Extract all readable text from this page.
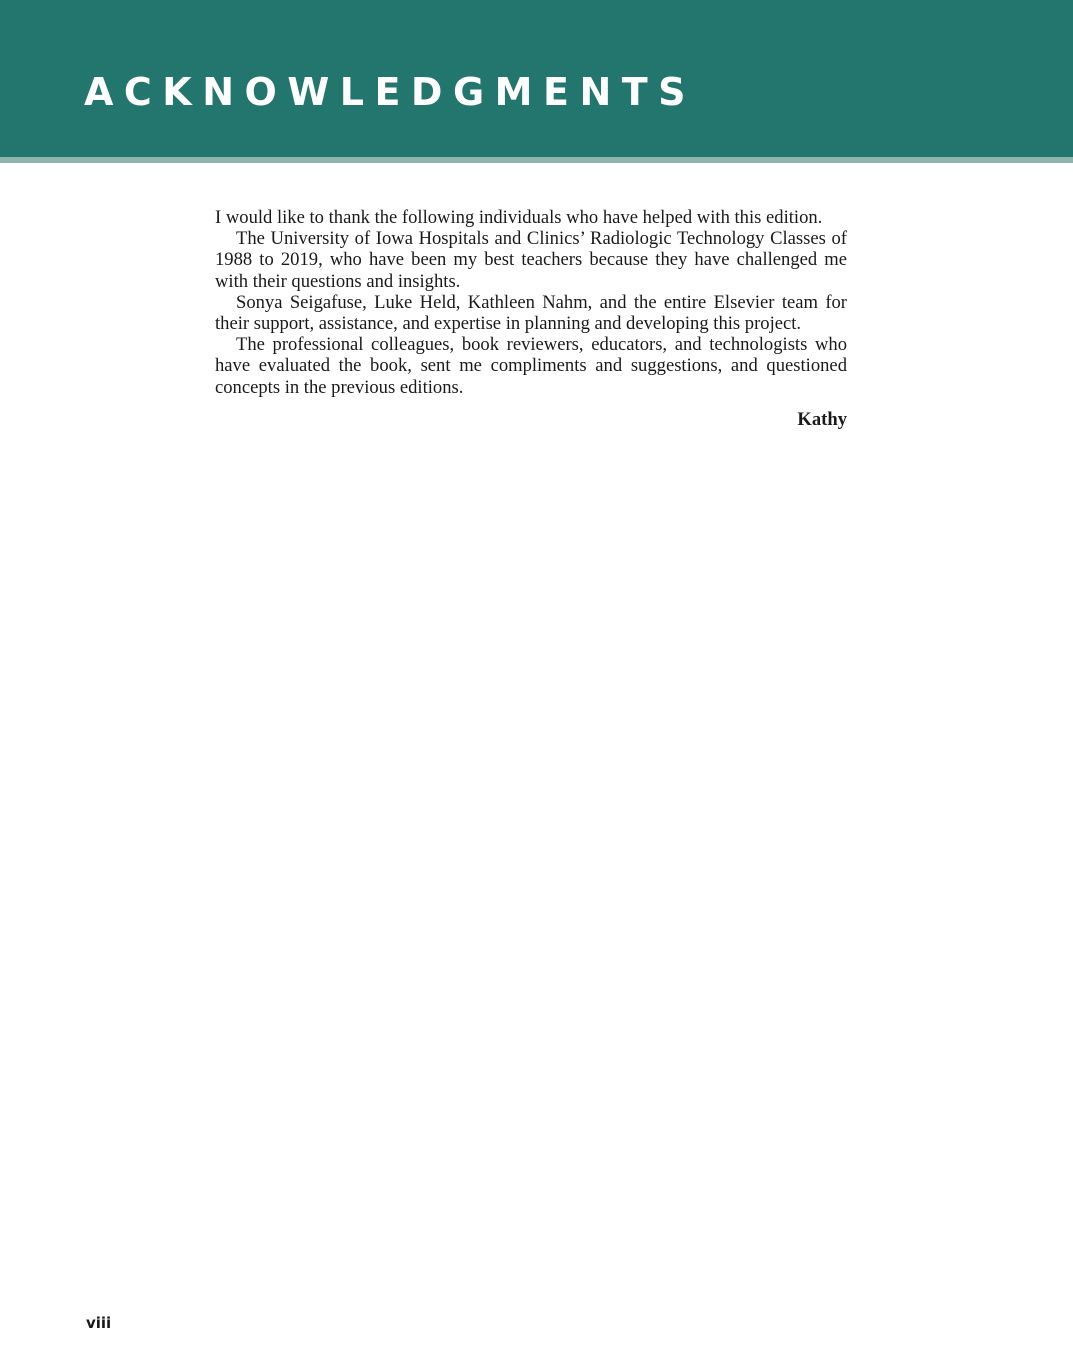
ACKNOWLEDGMENTS

I would like to thank the following individuals who have helped with this edition.

The University of Iowa Hospitals and Clinics’ Radiologic Technology Classes of 1988 to 2019, who have been my best teachers because they have challenged me with their questions and insights.

Sonya Seigafuse, Luke Held, Kathleen Nahm, and the entire Elsevier team for their support, assistance, and expertise in planning and developing this project.

The professional colleagues, book reviewers, educators, and technologists who have evaluated the book, sent me compliments and suggestions, and questioned concepts in the previous editions.

Kathy

viii
